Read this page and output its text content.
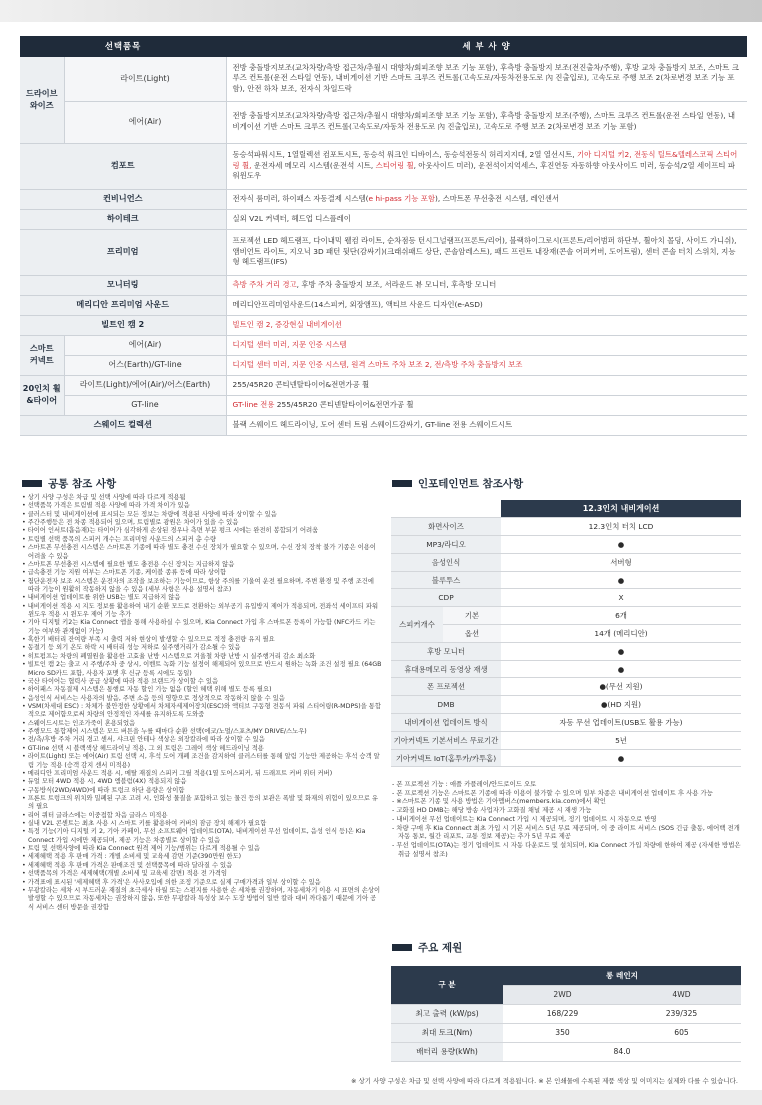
선택품목		세 부 사 양
드라이브
와이즈	라이트(Light)	전방 충돌방지보조(교차차량/측방 접근차/추월시 대향차/회피조향 보조 기능 포함), 후측방 충돌방지 보조(전진출차/주행), 후방 교차 충돌방지 보조, 스마트 크루즈 컨트롤(운전 스타일 연동), 내비게이션 기반 스마트 크루즈 컨트롤(고속도로/자동차전용도로 內 진출입로), 고속도로 주행 보조 2(차로변경 보조 기능 포함), 안전 하차 보조, 전자식 차일드락
	에어(Air)	전방 충돌방지보조(교차차량/측방 접근차/추월시 대향차/회피조향 보조 기능 포함), 후측방 충돌방지 보조(주행), 스마트 크루즈 컨트롤(운전 스타일 연동), 내비게이션 기반 스마트 크루즈 컨트롤(고속도로/자동차 전용도로 內 진출입로), 고속도로 주행 보조 2(차로변경 보조 기능 포함)
컴포트		동승석파워시트, 1열릴렉션 컴포트시트, 동승석 워크인 디바이스, 동승석전동식 허리지지대, 2열 열선시트, 기아 디지털 키2, 전동식 틸트&텔레스코픽 스티어링 휠, 운전자세 메모리 시스템(운전석 시트, 스티어링 휠, 아웃사이드 미러), 운전석이지억세스, 후진연동 자동하향 아웃사이드 미러, 동승석/2열 세이프티 파워윈도우
컨비니언스		전자식 룸미러, 하이패스 자동결제 시스템(e hi-pass 기능 포함), 스마트폰 무선충전 시스템, 레인센서
하이테크		실외 V2L 커넥터, 헤드업 디스플레이
프리미엄		프로젝션 LED 헤드램프, 다이내믹 웰컴 라이트, 순차점등 턴시그널램프(프론트/리어), 블랙하이그로시(프론트/리어범퍼 하단부, 휠아치 몰딩, 사이드 가니쉬), 앰비언트 라이트, 지오닉 3D 패턴 뒷단(감싸기)(크래쉬패드 상단, 콘솔암레스트), 패드 프린트 내장재(콘솔 어퍼커버, 도어트림), 센터 콘솔 터치 스위치, 지능형 헤드램프(IFS)
모니터링		측방 주차 거리 경고, 후방 주차 충돌방지 보조, 서라운드 뷰 모니터, 후측방 모니터
메리디안 프리미엄 사운드		메리디안프리미엄사운드(14스피커, 외장앰프), 액티브 사운드 디자인(e-ASD)
빌트인 캠 2		빌트인 캠 2, 증강현실 내비게이션
스마트
커넥트	에어(Air)	디지털 센터 미러, 지문 인증 시스템
	어스(Earth)/GT-line	디지털 센터 미러, 지문 인증 시스템, 원격 스마트 주차 보조 2, 전/측방 주차 충돌방지 보조
20인치 휠
&타이어	라이트(Light)/에어(Air)/어스(Earth)	255/45R20 콘티넨탈타이어&전면가공 휠
	GT-line	GT-line 전용 255/45R20 콘티넨탈타이어&전면가공 휠
스웨이드 컬렉션		블랙 스웨이드 헤드라이닝, 도어 센터 트림 스웨이드감싸기, GT-line 전용 스웨이드시트
공통 참조 사항
• 상기 사양 구성은 차급 및 선택 사양에 따라 다르게 적용됨
• 선택품목 가격은 트림별 적용 사양에 따라 가격 차이가 있음
• 클러스터 및 내비게이션에 표시되는 모든 정보는 차량에 적용된 사양에 따라 상이할 수 있음
• 주간주행등은 전 차종 적용되어 있으며, 트림별로 광원은 차이가 있을 수 있음
• 타이어 인서트(흡음재)는 타이어가 심각하게 손상된 경우나 측면 부분 펑크 시에는 완전히 봉합되기 어려움
• 트림별 선택 품목의 스피커 개수는 프리미엄 사운드의 스피커 총 수량
• 스마트폰 무선충전 시스템은 스마트폰 기종에 따라 별도 충전 수신 장치가 필요할 수 있으며, 수신 장치 장착 불가 기종은 이용이 어려울 수 있음
• 스마트폰 무선충전 시스템에 필요한 별도 충전용 수신 장치는 지급하지 않음
• 급속충전 기능 지원 여부는 스마트폰 기종, 케이블 종류 등에 따라 상이함
• 첨단운전자 보조 시스템은 운전자의 조작을 보조하는 기능이므로, 항상 주의를 기울여 운전 필요하며, 주변 환경 및 주행 조건에 따라 기능이 원활히 작동하지 않을 수 있음 (세부 사항은 사용 설명서 참조)
• 내비게이션 업데이트를 위한 USB는 별도 지급하지 않음
• 내비게이션 적용 시 지도 정보를 활용하여 내기 순환 모드로 전환하는 외부공기 유입방지 제어가 적용되며, 전좌석 세이프티 파워윈도우 적용 시 윈도우 제어 기능 추가
• 기아 디지털 키2는 Kia Connect 앱을 통해 사용하실 수 있으며, Kia Connect 가입 후 스마트폰 등록이 가능함 (NFC카드 키는 기능 여부와 관계없이 가능)
• 혹한기 배터리 잔여량 부족 시 출력 저하 현상이 발생할 수 있으므로 적정 충전량 유지 필요
• 동절기 등 외기 온도 하락 시 배터리 성능 저하로 실주행거리가 감소될 수 있음
• 히트펌프는 차량의 폐열원을 활용한 고효율 난방 시스템으로 겨울철 차량 난방 시 실주행거리 감소 최소화
• 빌트인 캠 2는 출고 시 주행/주차 중 상시, 이벤트 녹화 기능 설정이 해제되어 있으므로 반드시 원하는 녹화 조건 설정 필요 (64GB Micro SD카드 포함, 사용자 포맷 후 신규 등록 시에도 동일)
• 국산 타이어는 협력사 공급 상황에 따라 적용 브랜드가 상이할 수 있음
• 하이패스 자동결제 시스템은 통행료 자동 할인 기능 없음 (할인 혜택 위해 별도 등록 필요)
• 음성인식 서비스는 사용자의 발음, 주변 소음 등의 영향으로 정상적으로 작동하지 않을 수 있음
• VSM(차세대 ESC) : 차체가 불안정한 상황에서 차체자세제어장치(ESC)와 액티브 구동형 전동식 파워 스티어링(R-MDPS)을 통합적으로 제어함으로써 차량의 안정적인 자세를 유지하도록 도와줌
• 스웨이드시트는 인조가죽이 혼용되었음
• 주행모드 통합제어 시스템은 모드 버튼을 누를 때마다 순환 선택(에코/노멀/스포츠/MY DRIVE/스노우)
• 전/측/후방 주차 거리 경고 센서, 샤크핀 안테나 색상은 외장칼라에 따라 상이할 수 있음
• GT-line 선택 시 블랙색상 헤드라이닝 적용, 그 외 트림은 그레이 색상 헤드라이닝 적용
• 라이트(Light) 또는 에어(Air) 트림 선택 시, 후석 도어 개폐 조건을 감지하여 클러스터를 통해 알림 기능만 제공하는 후석 승객 알림 기능 적용 (승객 감지 센서 미적용)
• 메리디안 프리미엄 사운드 적용 시, 메탈 재질의 스피커 그릴 적용(1열 도어스피커, 뒤 드래프트 커버 위터 커버)
• 듀얼 모터 4WD 적용 시, 4WD 엠블럼(4X) 적용되지 않음
• 구동방식(2WD/4WD)에 따라 트렁크 하단 용량은 상이함
• 프론트 트렁크의 위치와 밀폐된 구조 고려 시, 인화성 물질을 포함하고 있는 물건 등의 보관은 폭발 및 화재의 위험이 있으므로 유의 필요
• 리어 쿼터 글라스에는 이중접합 차음 글라스 미적용
• 실내 V2L 콘센트는 최초 사용 시 스마트 키를 활용하여 커버의 잠금 장치 해제가 필요함
• 특정 기능(기아 디지털 키 2, 기아 카페이, 무선 소프트웨어 업데이트(OTA), 내비게이션 무선 업데이트, 음성 인식 등)은 Kia Connect 가입 시에만 제공되며, 제공 기능은 차종별로 상이할 수 있음
• 트림 및 선택사양에 따라 Kia Connect 원격 제어 기능/범위는 다르게 적용될 수 있음
• 세제혜택 적용 후 판매 가격 : 개별 소비세 및 교육세 감면 기준(390만원 한도)
• 세제혜택 적용 후 판매 가격은 판매조건 및 선택품목에 따라 달라질 수 있음
• 선택품목의 가격은 세제혜택(개별 소비세 및 교육세 감면) 적용 전 가격임
• 가격표에 표시된 '세제혜택 후 가격'은 사사오입에 의한 조정 기준으로 실제 구매가격과 일부 상이할 수 있음
• 무광칼라는 세차 시 부드러운 재질의 초극세사 타월 또는 스펀지를 사용한 손 세차를 권장하며, 자동세차기 이용 시 표면의 손상이 발생할 수 있으므로 자동세차는 권장하지 않음, 또한 무광칼라 특성상 보수 도장 방법이 일반 칼라 대비 까다롭기 때문에 기아 공식 서비스 센터 방문을 권장함
인포테인먼트 참조사항
		12.3인치 내비게이션
화면사이즈		12.3인치 터치 LCD
MP3/라디오		●
음성인식		서버형
블루투스		●
CDP		X
스피커개수	기본	6개
	옵션	14개 (메리디안)
후방 모니터		●
휴대용메모리 동영상 재생		●
폰 프로젝션		●(무선 지원)
DMB		●(HD 지원)
내비게이션 업데이트 방식		자동 무선 업데이트(USB도 활용 가능)
기아커넥트 기본서비스 무료기간		5년
기아커넥트 IoT(홈투카/카투홈)		●
- 폰 프로젝션 기능 : 애플 카플레이/안드로이드 오토
- 폰 프로젝션 기능은 스마트폰 기종에 따라 이용이 불가할 수 있으며 일부 차종은 내비게이션 업데이트 후 사용 가능
- ※스마트폰 기종 및 사용 방법은 기아멤버스(members.kia.com)에서 확인
- 고화질 HD DMB는 해당 방송 사업자가 고화질 채널 제공 시 재생 가능
- 내비게이션 무선 업데이트는 Kia Connect 가입 시 제공되며, 정기 업데이트 시 자동으로 반영
- 차량 구매 후 Kia Connect 최초 가입 시 기본 서비스 5년 무료 제공되며, 이 중 라이트 서비스 (SOS 긴급 출동, 에어백 전개 자동 통보, 월간 리포트, 교통 정보 제공)는 추가 5년 무료 제공
- 무선 업데이트(OTA)는 정기 업데이트 시 자동 다운로드 및 설치되며, Kia Connect 가입 차량에 한하여 제공 (자세한 방법은 취급 설명서 참조)
주요 제원
구 분	롱 레인지	
	2WD	4WD
최고 출력 (kW/ps)	168/229	239/325
최대 토크(Nm)	350	605
배터리 용량(kWh)	84.0	
※ 상기 사양 구성은 차급 및 선택 사양에 따라 다르게 적용됩니다. ※ 본 인쇄물에 수록된 제품 색상 및 이미지는 실제와 다를 수 있습니다.
